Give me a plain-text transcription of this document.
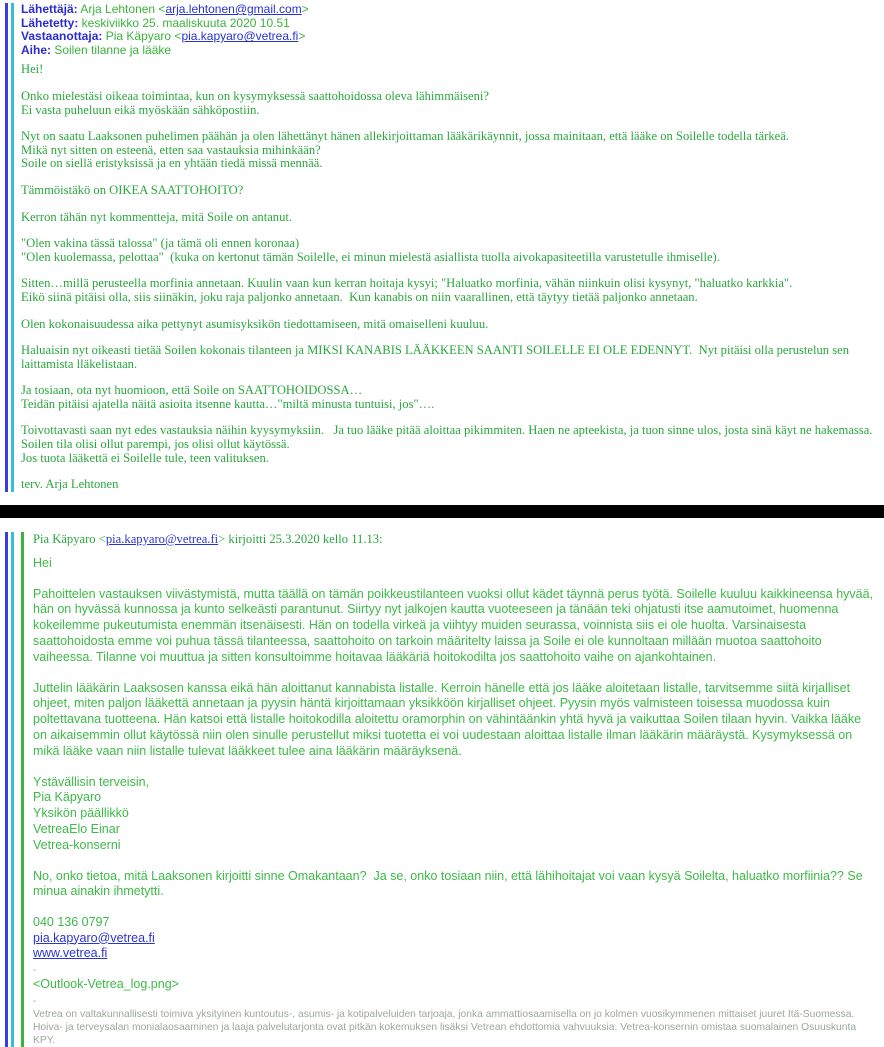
Lähettäjä: Arja Lehtonen <arja.lehtonen@gmail.com>
Lähetetty: keskiviikko 25. maaliskuuta 2020 10.51
Vastaanottaja: Pia Käpyaro <pia.kapyaro@vetrea.fi>
Aihe: Soilen tilanne ja lääke

Hei!

Onko mielestäsi oikeaa toimintaa, kun on kysymyksessä saattohoidossa oleva lähimmäiseni?
Ei vasta puheluun eikä myöskään sähköpostiin.

Nyt on saatu Laaksonen puhelimen päähän ja olen lähettänyt hänen allekirjoittaman lääkärikäynnit, jossa mainitaan, että lääke on Soilelle todella tärkeä.
Mikä nyt sitten on esteenä, etten saa vastauksia mihinkään?
Soile on siellä eristyksissä ja en yhtään tiedä missä mennää.

Tämmöistäkö on OIKEA SAATTOHOITO?

Kerron tähän nyt kommentteja, mitä Soile on antanut.

"Olen vakina tässä talossa" (ja tämä oli ennen koronaa)
"Olen kuolemassa, pelottaa"  (kuka on kertonut tämän Soilelle, ei minun mielestä asiallista tuolla aivokapasiteetilla varustetulle ihmiselle).

Sitten…millä perusteella morfinia annetaan. Kuulin vaan kun kerran hoitaja kysyi; "Haluatko morfinia, vähän niinkuin olisi kysynyt, "haluatko karkkia".
Eikö siinä pitäisi olla, siis siinäkin, joku raja paljonko annetaan.  Kun kanabis on niin vaarallinen, että täytyy tietää paljonko annetaan.

Olen kokonaisuudessa aika pettynyt asumisyksikön tiedottamiseen, mitä omaiselleni kuuluu.

Haluaisin nyt oikeasti tietää Soilen kokonais tilanteen ja MIKSI KANABIS LÄÄKKEEN SAANTI SOILELLE EI OLE EDENNYT.  Nyt pitäisi olla perustelun sen laittamista lläkelistaan.

Ja tosiaan, ota nyt huomioon, että Soile on SAATTOHOIDOSSA…
Teidän pitäisi ajatella näitä asioita itsenne kautta…"miltä minusta tuntuisi, jos"….

Toivottavasti saan nyt edes vastauksia näihin kyysymyksiin.   Ja tuo lääke pitää aloittaa pikimmiten. Haen ne apteekista, ja tuon sinne ulos, josta sinä käyt ne hakemassa.  Soilen tila olisi ollut parempi, jos olisi ollut käytössä.
Jos tuota lääkettä ei Soilelle tule, teen valituksen.

terv. Arja Lehtonen

Pia Käpyaro <pia.kapyaro@vetrea.fi> kirjoitti 25.3.2020 kello 11.13:

Hei

Pahoittelen vastauksen viivästymistä, mutta täällä on tämän poikkeustilanteen vuoksi ollut kädet täynnä perus työtä. Soilelle kuuluu kaikkineensa hyvää, hän on hyvässä kunnossa ja kunto selkeästi parantunut. Siirtyy nyt jalkojen kautta vuoteeseen ja tänään teki ohjatusti itse aamutoimet, huomenna kokeilemme pukeutumista enemmän itsenäisesti. Hän on todella virkeä ja viihtyy muiden seurassa, voinnista siis ei ole huolta. Varsinaisesta saattohoidosta emme voi puhua tässä tilanteessa, saattohoito on tarkoin määritelty laissa ja Soile ei ole kunnoltaan millään muotoa saattohoito vaiheessa. Tilanne voi muuttua ja sitten konsultoimme hoitavaa lääkäriä hoitokodilta jos saattohoito vaihe on ajankohtainen.

Juttelin lääkärin Laaksosen kanssa eikä hän aloittanut kannabista listalle. Kerroin hänelle että jos lääke aloitetaan listalle, tarvitsemme siitä kirjalliset ohjeet, miten paljon lääkettä annetaan ja pyysin häntä kirjoittamaan yksikköön kirjalliset ohjeet. Pyysin myös valmisteen toisessa muodossa kuin poltettavana tuotteena. Hän katsoi että listalle hoitokodilla aloitettu oramorphin on vähintäänkin yhtä hyvä ja vaikuttaa Soilen tilaan hyvin. Vaikka lääke on aikaisemmin ollut käytössä niin olen sinulle perustellut miksi tuotetta ei voi uudestaan aloittaa listalle ilman lääkärin määräystä. Kysymyksessä on mikä lääke vaan niin listalle tulevat lääkkeet tulee aina lääkärin määräyksenä.

Ystävällisin terveisin,
Pia Käpyaro
Yksikön päällikkö
VetreaElo Einar
Vetrea-konserni

No, onko tietoa, mitä Laaksonen kirjoitti sinne Omakantaan?  Ja se, onko tosiaan niin, että lähihoitajat voi vaan kysyä Soilelta, haluatko morfiinia?? Se minua ainakin ihmetytti.

040 136 0797
pia.kapyaro@vetrea.fi
www.vetrea.fi
-
<Outlook-Vetrea_log.png>
-
Vetrea on valtakunnallisesti toimiva yksityinen kuntoutus-, asumis- ja kotipalveluiden tarjoaja, jonka ammattiosaamisella on jo kolmen vuosikymmenen mittaiset juuret Itä-Suomessa. Hoiva- ja terveysalan monialaosaaminen ja laaja palvelutarjonta ovat pitkän kokemuksen lisäksi Vetrean ehdottomia vahvuuksia. Vetrea-konsernin omistaa suomalainen Osuuskunta KPY.
